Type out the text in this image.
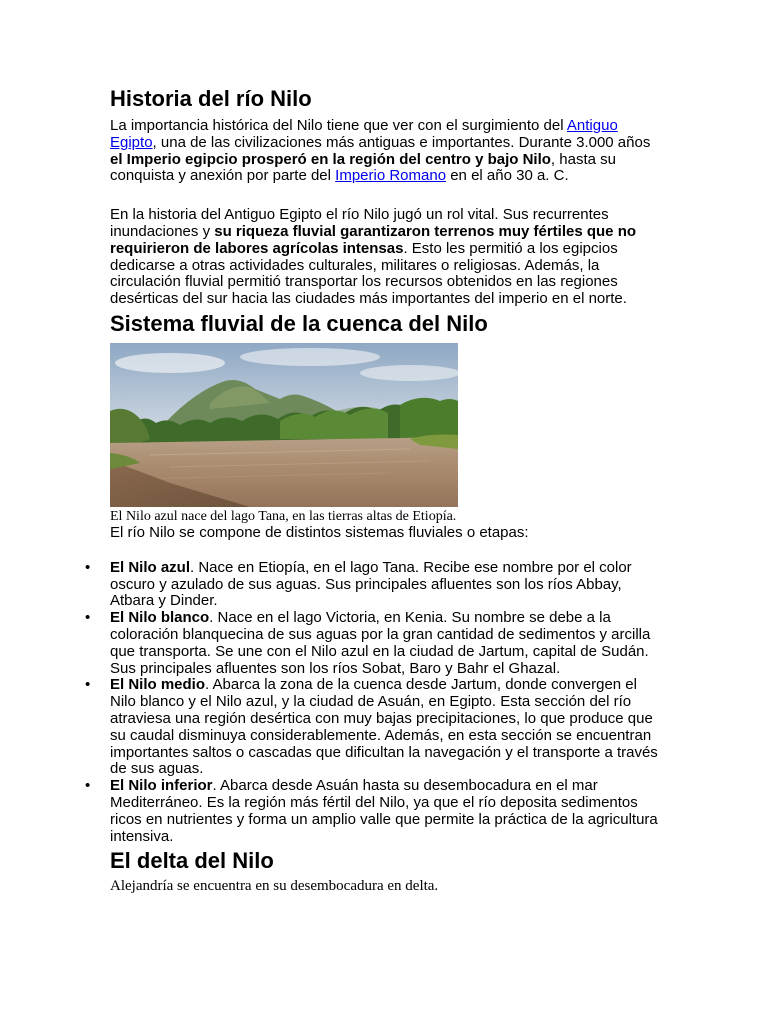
Historia del río Nilo

La importancia histórica del Nilo tiene que ver con el surgimiento del Antiguo Egipto, una de las civilizaciones más antiguas e importantes. Durante 3.000 años el Imperio egipcio prosperó en la región del centro y bajo Nilo, hasta su conquista y anexión por parte del Imperio Romano en el año 30 a. C.

En la historia del Antiguo Egipto el río Nilo jugó un rol vital. Sus recurrentes inundaciones y su riqueza fluvial garantizaron terrenos muy fértiles que no requirieron de labores agrícolas intensas. Esto les permitió a los egipcios dedicarse a otras actividades culturales, militares o religiosas. Además, la circulación fluvial permitió transportar los recursos obtenidos en las regiones desérticas del sur hacia las ciudades más importantes del imperio en el norte.

Sistema fluvial de la cuenca del Nilo

El Nilo azul nace del lago Tana, en las tierras altas de Etiopía.

El río Nilo se compone de distintos sistemas fluviales o etapas:

• El Nilo azul. Nace en Etiopía, en el lago Tana. Recibe ese nombre por el color oscuro y azulado de sus aguas. Sus principales afluentes son los ríos Abbay, Atbara y Dinder.
• El Nilo blanco. Nace en el lago Victoria, en Kenia. Su nombre se debe a la coloración blanquecina de sus aguas por la gran cantidad de sedimentos y arcilla que transporta. Se une con el Nilo azul en la ciudad de Jartum, capital de Sudán. Sus principales afluentes son los ríos Sobat, Baro y Bahr el Ghazal.
• El Nilo medio. Abarca la zona de la cuenca desde Jartum, donde convergen el Nilo blanco y el Nilo azul, y la ciudad de Asuán, en Egipto. Esta sección del río atraviesa una región desértica con muy bajas precipitaciones, lo que produce que su caudal disminuya considerablemente. Además, en esta sección se encuentran importantes saltos o cascadas que dificultan la navegación y el transporte a través de sus aguas.
• El Nilo inferior. Abarca desde Asuán hasta su desembocadura en el mar Mediterráneo. Es la región más fértil del Nilo, ya que el río deposita sedimentos ricos en nutrientes y forma un amplio valle que permite la práctica de la agricultura intensiva.
El delta del Nilo

Alejandría se encuentra en su desembocadura en delta.
